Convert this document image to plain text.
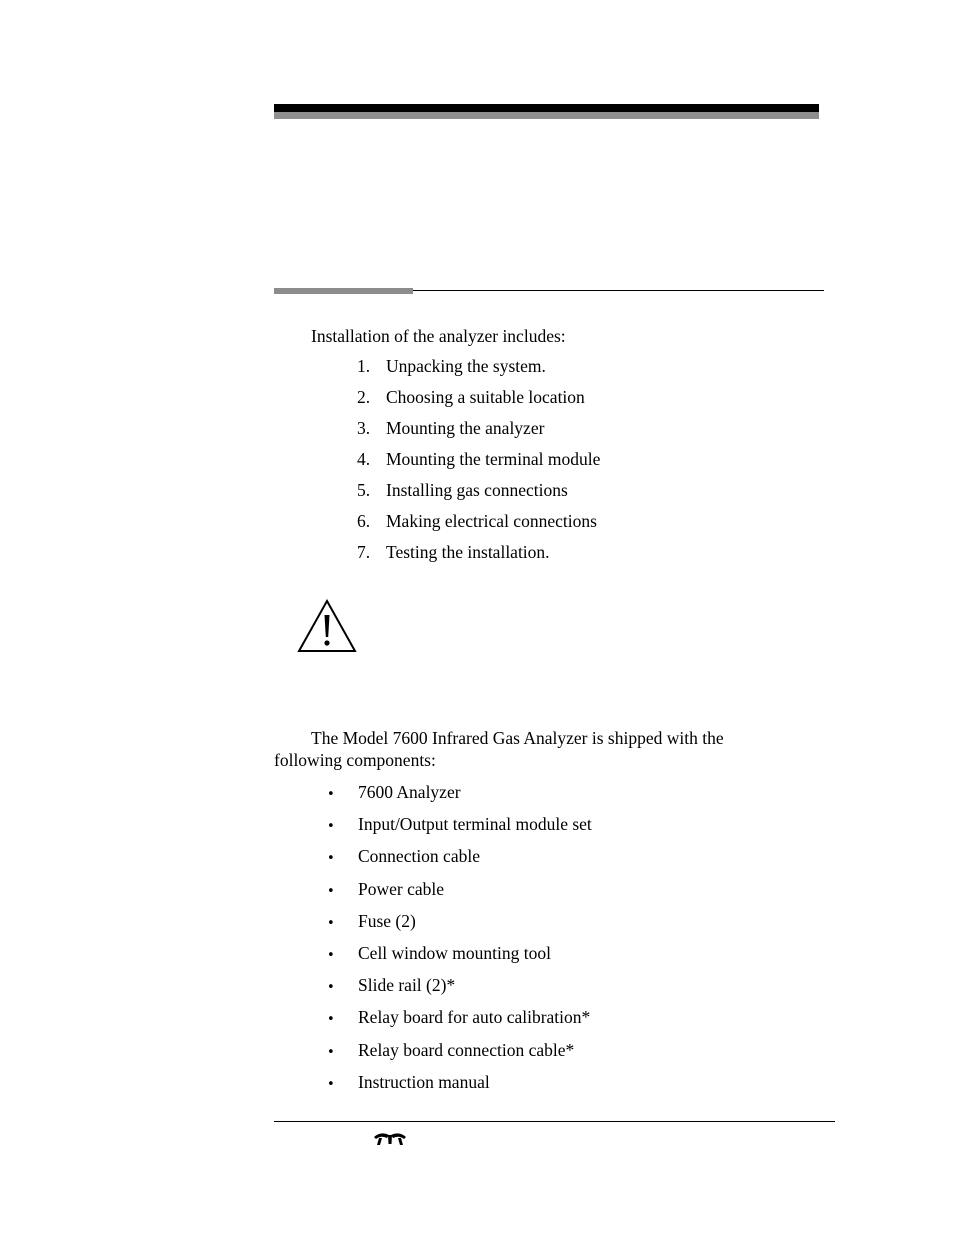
Installation of the analyzer includes:
1. Unpacking the system.
2. Choosing a suitable location
3. Mounting the analyzer
4. Mounting the terminal module
5. Installing gas connections
6. Making electrical connections
7. Testing the installation.
The Model 7600 Infrared Gas Analyzer is shipped with the following components:
• 7600 Analyzer
• Input/Output terminal module set
• Connection cable
• Power cable
• Fuse (2)
• Cell window mounting tool
• Slide rail (2)*
• Relay board for auto calibration*
• Relay board connection cable*
• Instruction manual
